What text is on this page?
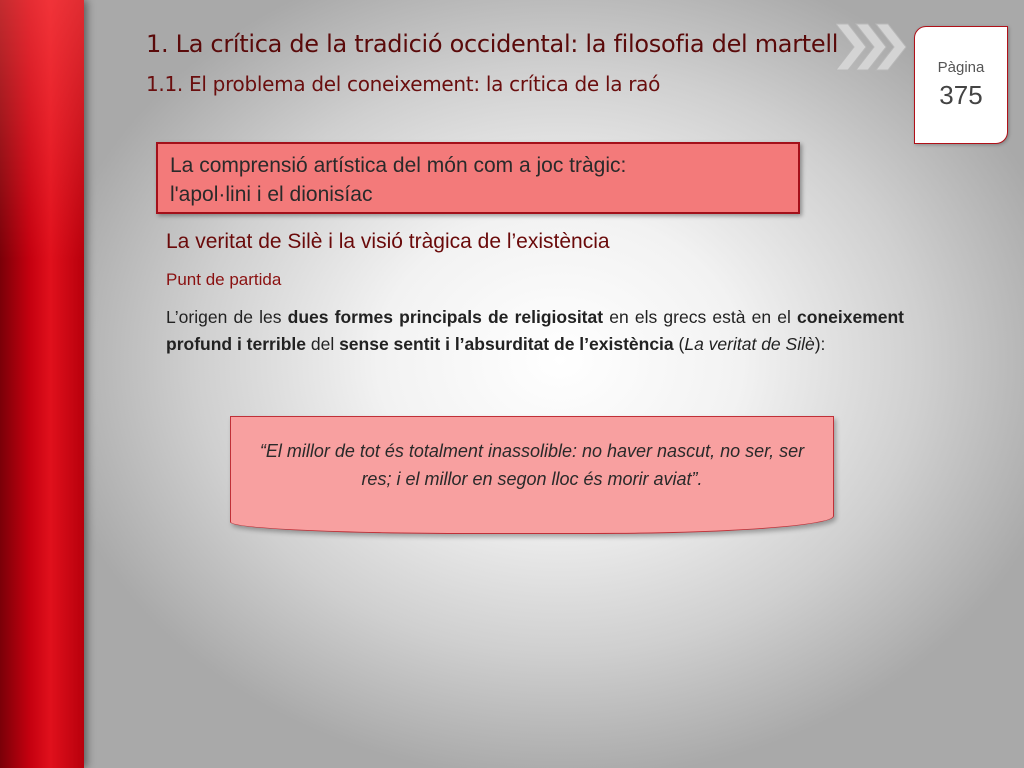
1. La crítica de la tradició occidental: la filosofia del martell
1.1. El problema del coneixement: la crítica de la raó
Pàgina
375
La comprensió artística del món com a joc tràgic:
l'apol·lini i el dionisíac
La veritat de Silè i la visió tràgica de l’existència
Punt de partida
L’origen de les dues formes principals de religiositat en els grecs està en el coneixement profund i terrible del sense sentit i l’absurditat de l’existència (La veritat de Silè):
“El millor de tot és totalment inassolible: no haver nascut, no ser, ser res; i el millor en segon lloc és morir aviat”.
